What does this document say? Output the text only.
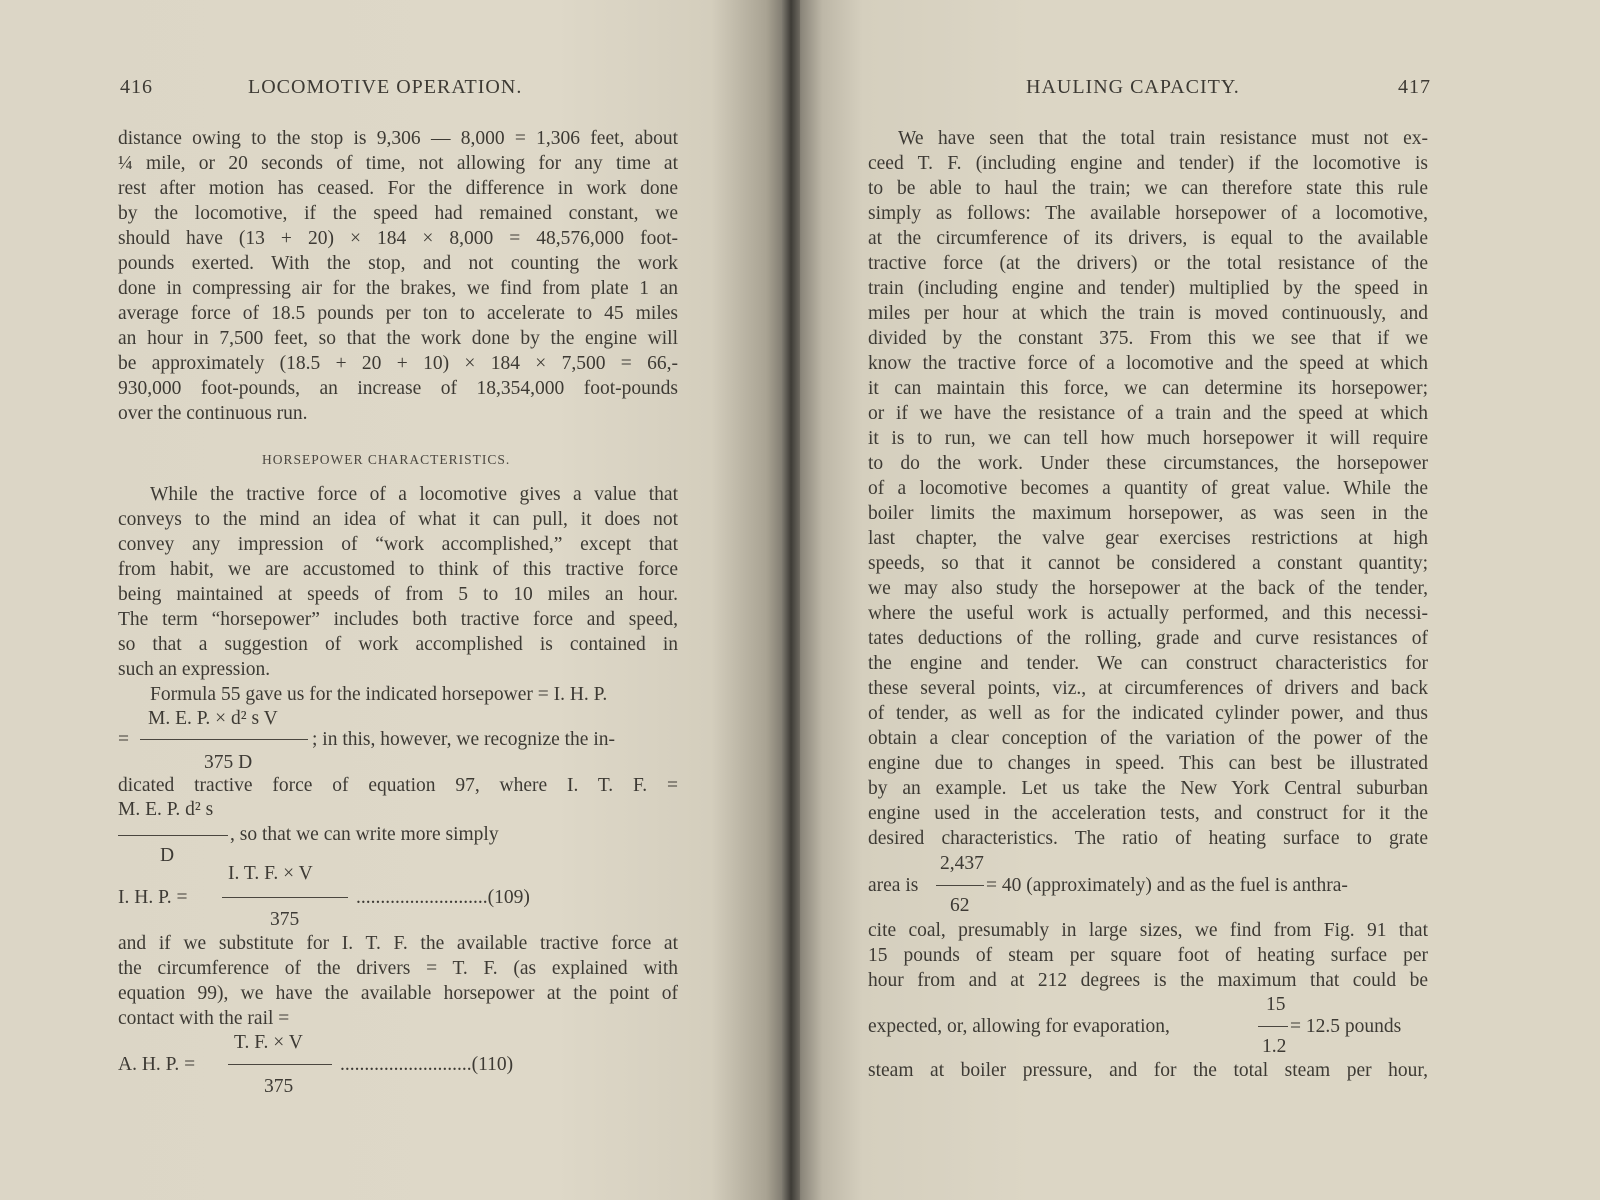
416	LOCOMOTIVE OPERATION.
distance owing to the stop is 9,306 — 8,000 = 1,306 feet, about
¼ mile, or 20 seconds of time, not allowing for any time at
rest after motion has ceased. For the difference in work done
by the locomotive, if the speed had remained constant, we
should have (13 + 20) × 184 × 8,000 = 48,576,000 foot-
pounds exerted. With the stop, and not counting the work
done in compressing air for the brakes, we find from plate 1 an
average force of 18.5 pounds per ton to accelerate to 45 miles
an hour in 7,500 feet, so that the work done by the engine will
be approximately (18.5 + 20 + 10) × 184 × 7,500 = 66,-
930,000 foot-pounds, an increase of 18,354,000 foot-pounds
over the continuous run.
HORSEPOWER CHARACTERISTICS.
While the tractive force of a locomotive gives a value that
conveys to the mind an idea of what it can pull, it does not
convey any impression of “work accomplished,” except that
from habit, we are accustomed to think of this tractive force
being maintained at speeds of from 5 to 10 miles an hour.
The term “horsepower” includes both tractive force and speed,
so that a suggestion of work accomplished is contained in
such an expression.
Formula 55 gave us for the indicated horsepower = I. H. P.
M. E. P. × d² s V
=	; in this, however, we recognize the in-
375 D
dicated tractive force of equation 97, where I. T. F. =
M. E. P. d² s
, so that we can write more simply
D
I. T. F. × V
I. H. P. =	...........................(109)
375
and if we substitute for I. T. F. the available tractive force at
the circumference of the drivers = T. F. (as explained with
equation 99), we have the available horsepower at the point of
contact with the rail =
T. F. × V
A. H. P. =	...........................(110)
375
HAULING CAPACITY.	417
We have seen that the total train resistance must not ex-
ceed T. F. (including engine and tender) if the locomotive is
to be able to haul the train; we can therefore state this rule
simply as follows: The available horsepower of a locomotive,
at the circumference of its drivers, is equal to the available
tractive force (at the drivers) or the total resistance of the
train (including engine and tender) multiplied by the speed in
miles per hour at which the train is moved continuously, and
divided by the constant 375. From this we see that if we
know the tractive force of a locomotive and the speed at which
it can maintain this force, we can determine its horsepower;
or if we have the resistance of a train and the speed at which
it is to run, we can tell how much horsepower it will require
to do the work. Under these circumstances, the horsepower
of a locomotive becomes a quantity of great value. While the
boiler limits the maximum horsepower, as was seen in the
last chapter, the valve gear exercises restrictions at high
speeds, so that it cannot be considered a constant quantity;
we may also study the horsepower at the back of the tender,
where the useful work is actually performed, and this necessi-
tates deductions of the rolling, grade and curve resistances of
the engine and tender. We can construct characteristics for
these several points, viz., at circumferences of drivers and back
of tender, as well as for the indicated cylinder power, and thus
obtain a clear conception of the variation of the power of the
engine due to changes in speed. This can best be illustrated
by an example. Let us take the New York Central suburban
engine used in the acceleration tests, and construct for it the
desired characteristics. The ratio of heating surface to grate
2,437
area is	= 40 (approximately) and as the fuel is anthra-
62
cite coal, presumably in large sizes, we find from Fig. 91 that
15 pounds of steam per square foot of heating surface per
hour from and at 212 degrees is the maximum that could be
15
expected, or, allowing for evaporation,	= 12.5 pounds
1.2
steam at boiler pressure, and for the total steam per hour,
